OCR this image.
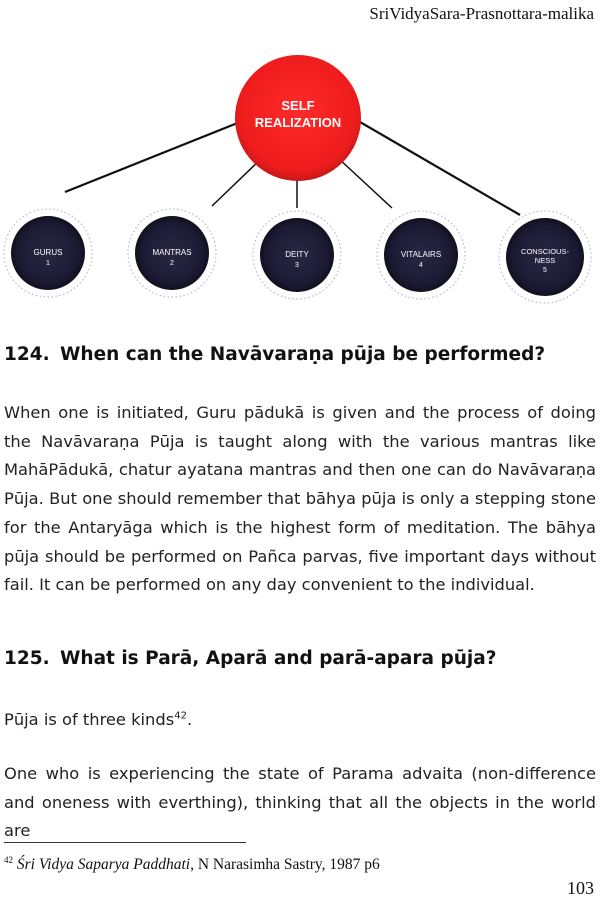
SriVidyaSara-Prasnottara-malika
SELF
REALIZATION
GURUS
1
MANTRAS
2
DEITY
3
VITALAIRS
4
CONSCIOUS-
NESS
5
124. When can the Navāvaraṇa pūja be performed?
When one is initiated, Guru pādukā is given and the process of doing the Navāvaraṇa Pūja is taught along with the various mantras like MahāPādukā, chatur ayatana mantras and then one can do Navāvaraṇa Pūja. But one should remember that bāhya pūja is only a stepping stone for the Antaryāga which is the highest form of meditation. The bāhya pūja should be performed on Pañca parvas, five important days without fail. It can be performed on any day convenient to the individual.
125. What is Parā, Aparā and parā-apara pūja?
Pūja is of three kinds$^{42}$.
One who is experiencing the state of Parama advaita (non-difference and oneness with everthing), thinking that all the objects in the world are
$^{42}$ Śri Vidya Saparya Paddhati, N Narasimha Sastry, 1987 p6
103
